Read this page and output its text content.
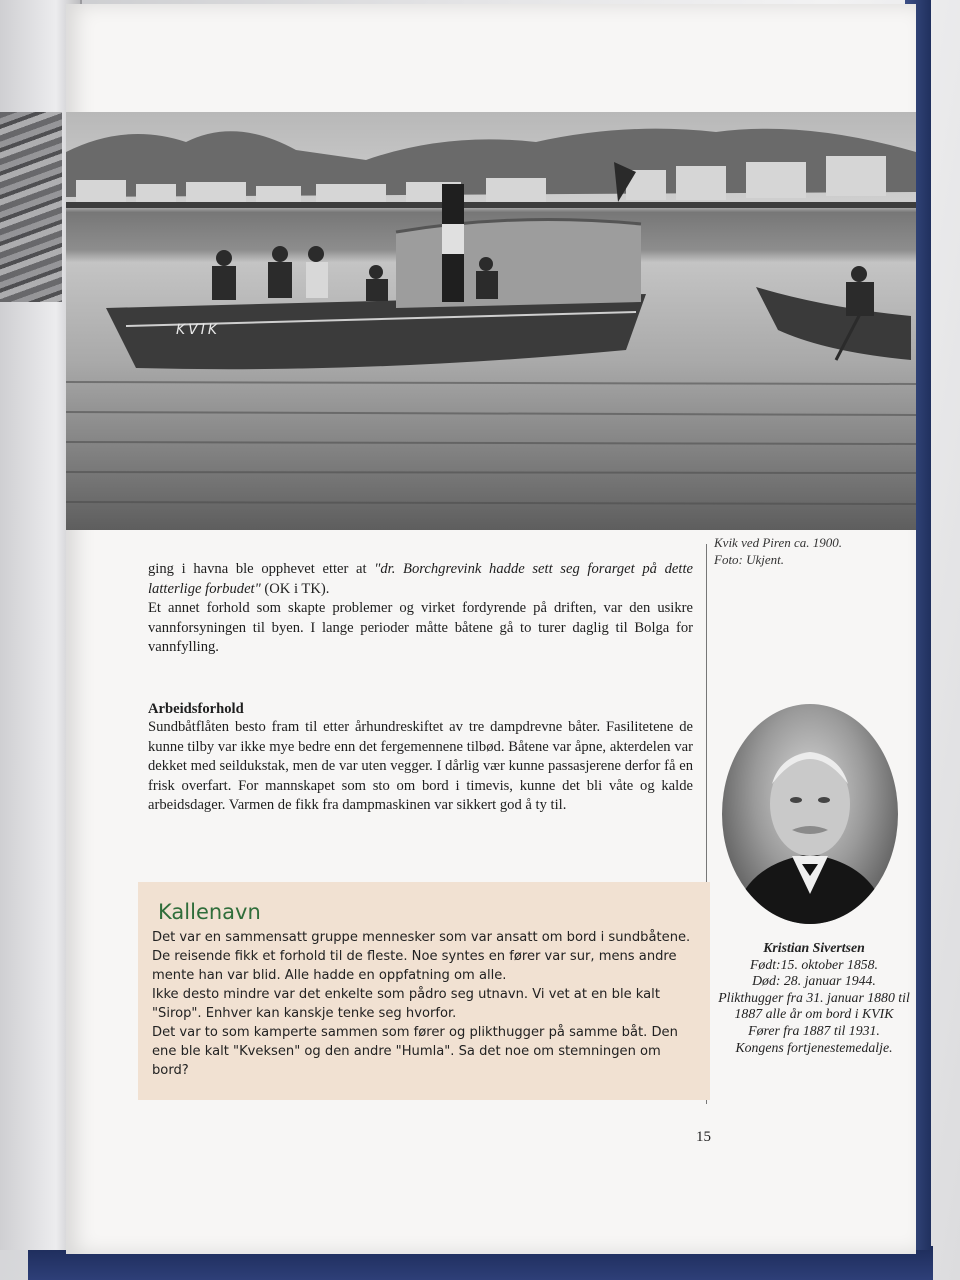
KVIK
Kvik ved Piren ca. 1900.
Foto: Ukjent.
ging i havna ble opphevet etter at "dr. Borchgrevink hadde sett seg forarget på dette latterlige forbudet" (OK i TK).
Et annet forhold som skapte problemer og virket fordyrende på driften, var den usikre vannforsyningen til byen. I lange perioder måtte båtene gå to turer daglig til Bolga for vannfylling.
Arbeidsforhold
Sundbåtflåten besto fram til etter århundreskiftet av tre dampdrevne båter. Fasilitetene de kunne tilby var ikke mye bedre enn det fergemennene tilbød. Båtene var åpne, akterdelen var dekket med seildukstak, men de var uten vegger. I dårlig vær kunne passasjerene derfor få en frisk overfart. For mannskapet som sto om bord i timevis, kunne det bli våte og kalde arbeidsdager. Varmen de fikk fra dampmaskinen var sikkert god å ty til.
Kallenavn
Det var en sammensatt gruppe mennesker som var ansatt om bord i sundbåtene.
De reisende fikk et forhold til de fleste. Noe syntes en fører var sur, mens andre mente han var blid. Alle hadde en oppfatning om alle.
Ikke desto mindre var det enkelte som pådro seg utnavn. Vi vet at en ble kalt "Sirop". Enhver kan kanskje tenke seg hvorfor.
Det var to som kamperte sammen som fører og plikthugger på samme båt. Den ene ble kalt "Kveksen" og den andre "Humla". Sa det noe om stemningen om bord?
Kristian Sivertsen
Født:15. oktober 1858.
Død: 28. januar 1944.
Plikthugger fra 31. januar 1880 til 1887 alle år om bord i KVIK
Fører fra 1887 til 1931.
Kongens fortjenestemedalje.
15
